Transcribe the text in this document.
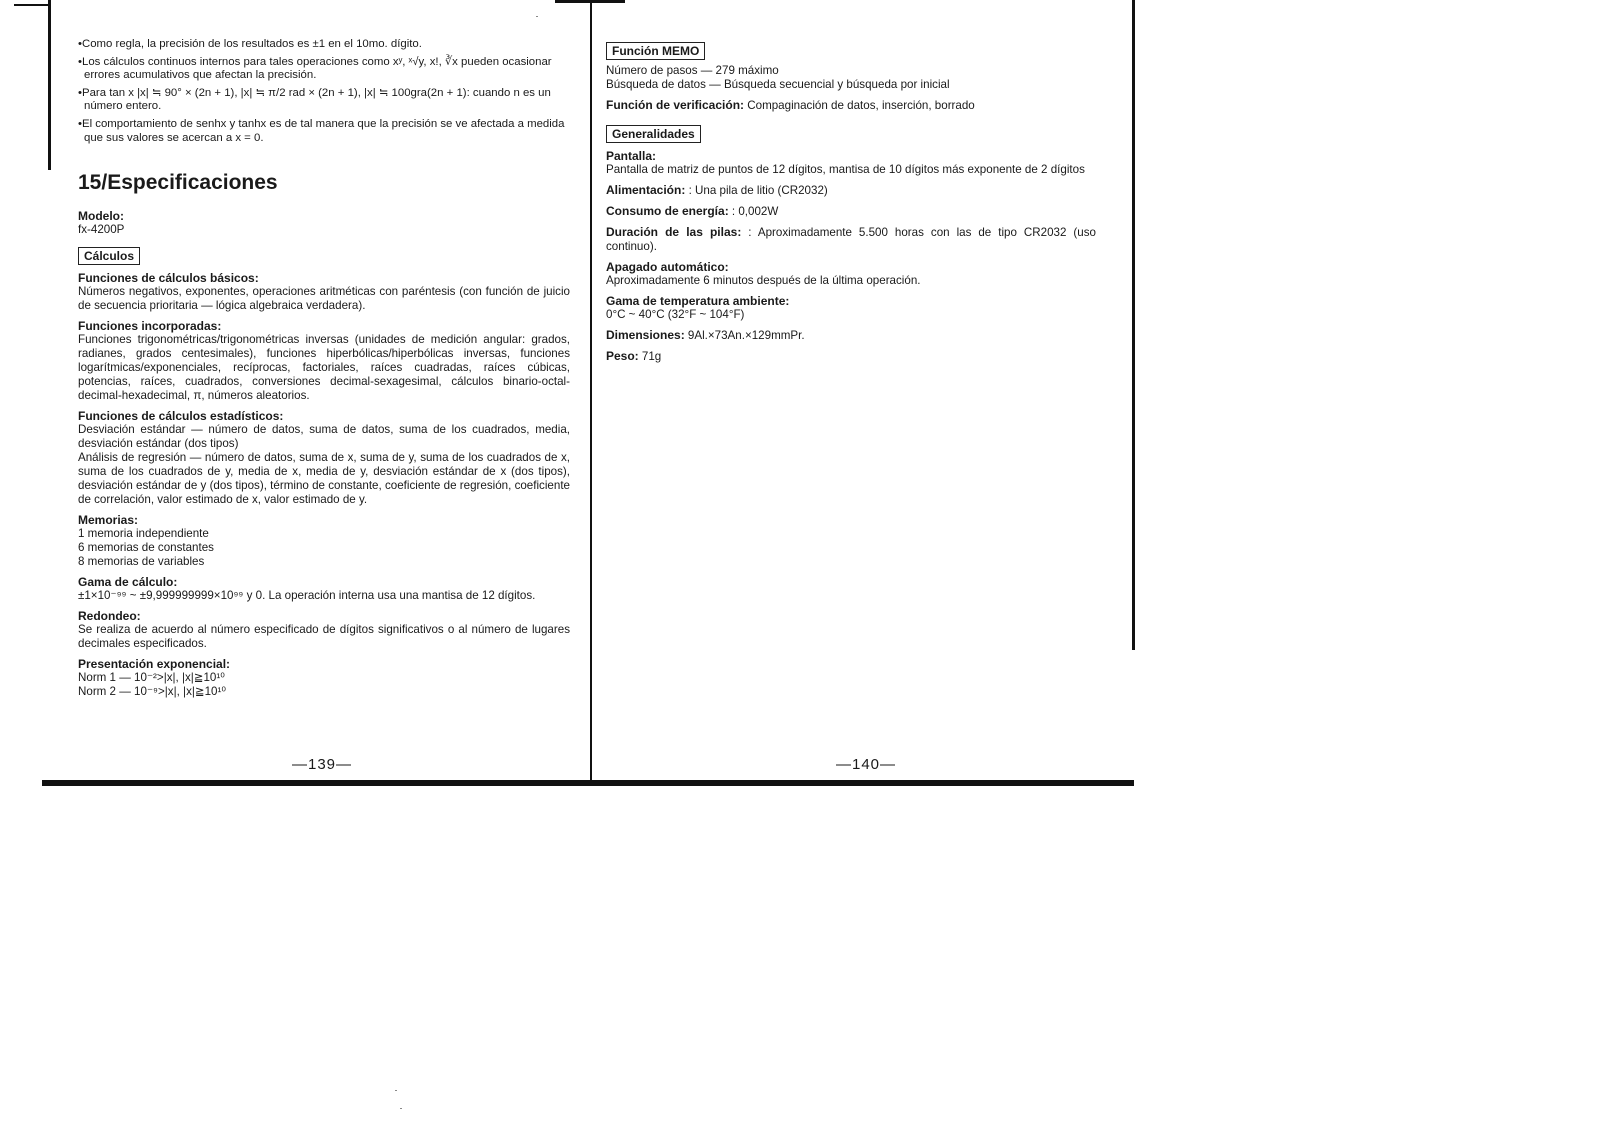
•Como regla, la precisión de los resultados es ±1 en el 10mo. dígito.

•Los cálculos continuos internos para tales operaciones como xʸ, ˣ√y, x!, ∛x pueden ocasionar errores acumulativos que afectan la precisión.

•Para tan x |x| ≒ 90° × (2n + 1), |x| ≒ π/2 rad × (2n + 1), |x| ≒ 100gra(2n + 1): cuando n es un número entero.

•El comportamiento de senhx y tanhx es de tal manera que la precisión se ve afectada a medida que sus valores se acercan a x = 0.

15/Especificaciones

Modelo:

fx-4200P

Cálculos

Funciones de cálculos básicos:

Números negativos, exponentes, operaciones aritméticas con paréntesis (con función de juicio de secuencia prioritaria — lógica algebraica verdadera).

Funciones incorporadas:

Funciones trigonométricas/trigonométricas inversas (unidades de medición angular: grados, radianes, grados centesimales), funciones hiperbólicas/hiperbólicas inversas, funciones logarítmicas/exponenciales, recíprocas, factoriales, raíces cuadradas, raíces cúbicas, potencias, raíces, cuadrados, conversiones decimal-sexagesimal, cálculos binario-octal-decimal-hexadecimal, π, números aleatorios.

Funciones de cálculos estadísticos:

Desviación estándar — número de datos, suma de datos, suma de los cuadrados, media, desviación estándar (dos tipos)

Análisis de regresión — número de datos, suma de x, suma de y, suma de los cuadrados de x, suma de los cuadrados de y, media de x, media de y, desviación estándar de x (dos tipos), desviación estándar de y (dos tipos), término de constante, coeficiente de regresión, coeficiente de correlación, valor estimado de x, valor estimado de y.

Memorias:

1 memoria independiente

6 memorias de constantes

8 memorias de variables

Gama de cálculo:

±1×10⁻⁹⁹ ~ ±9,999999999×10⁹⁹ y 0. La operación interna usa una mantisa de 12 dígitos.

Redondeo:

Se realiza de acuerdo al número especificado de dígitos significativos o al número de lugares decimales especificados.

Presentación exponencial:

Norm 1 — 10⁻²>|x|, |x|≧10¹⁰

Norm 2 — 10⁻⁹>|x|, |x|≧10¹⁰

—139—
Función MEMO

Número de pasos — 279 máximo

Búsqueda de datos — Búsqueda secuencial y búsqueda por inicial

Función de verificación: Compaginación de datos, inserción, borrado

Generalidades

Pantalla:

Pantalla de matriz de puntos de 12 dígitos, mantisa de 10 dígitos más exponente de 2 dígitos

Alimentación: : Una pila de litio (CR2032)

Consumo de energía: : 0,002W

Duración de las pilas: : Aproximadamente 5.500 horas con las de tipo CR2032 (uso continuo).

Apagado automático:

Aproximadamente 6 minutos después de la última operación.

Gama de temperatura ambiente:

0°C ~ 40°C (32°F ~ 104°F)

Dimensiones: 9Al.×73An.×129mmPr.

Peso: 71g

—140—
